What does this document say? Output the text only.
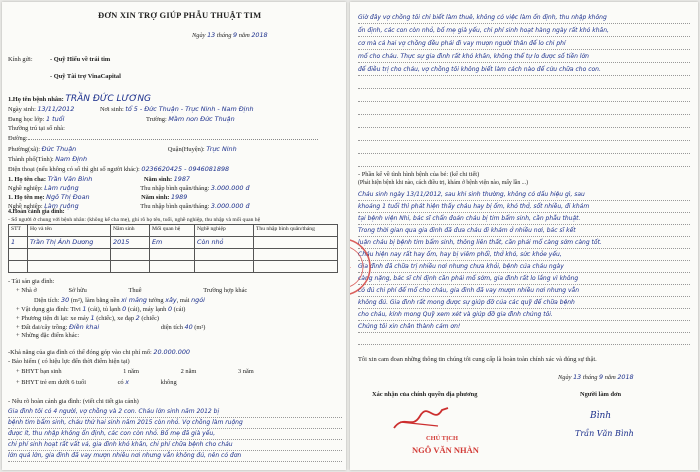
ĐƠN XIN TRỢ GIÚP PHẪU THUẬT TIM
Ngày 13 tháng 9 năm 2018
Kính gửi:	- Quỹ Hiểu về trái tim
- Quỹ Tài trợ VinaCapital
1.Họ tên bệnh nhân: TRẦN ĐỨC LƯƠNG
Ngày sinh: 13/11/2012	Nơi sinh: tổ 5 - Đức Thuận - Trực Ninh - Nam Định
Đang học lớp: 1 tuổi	Trường: Mầm non Đức Thuận
Thường trú tại số nhà:
Đường:
Phường(xã): Đức Thuận	Quận(Huyện): Trực Ninh
Thành phố(Tỉnh): Nam Định
Điện thoại (nếu không có số thì ghi số người khác): 0236620425 - 0946081898
1. Họ tên cha: Trần Văn Bình	Năm sinh: 1987
Nghề nghiệp: Làm ruộng	Thu nhập bình quân/tháng: 3.000.000 đ
1. Họ tên mẹ: Ngô Thị Đoan	Năm sinh: 1989
Nghề nghiệp: Làm ruộng	Thu nhập bình quân/tháng: 3.000.000 đ
4.Hoàn cảnh gia đình:
STT	Họ và tên	Năm sinh	Mối quan hệ	Nghề nghiệp	Thu nhập bình quân/tháng
1	Trần Thị Ánh Dương	2015	Em	Còn nhỏ	

- Số người ở chung với bệnh nhân: (không kể cha mẹ), ghi rõ họ tên, tuổi, nghề nghiệp, thu nhập và mối quan hệ
- Tài sản gia đình:
+ Nhà ở	Sở hữu	Thuê	Trường hợp khác
Diện tích: 30 (m²), làm bằng nền xi măng tường xây, mái ngói
+ Vật dụng gia đình: Tivi 1 (cái), tủ lạnh 0 (cái), máy lạnh 0 (cái)
+ Phương tiện đi lại: xe máy 1 (chiếc), xe đạp 2 (chiếc)
+ Đất đai/cây trồng: Điền khai	diện tích 40 (m²)
+ Những đặc điểm khác:
-Khả năng của gia đình có thể đóng góp vào chi phí mổ: 20.000.000
- Bảo hiểm ( có hiệu lực đến thời điểm hiện tại)
+ BHYT bạn sinh	1 năm	2 năm	3 năm
+ BHYT trẻ em dưới 6 tuổi	có x	không
- Nêu rõ hoàn cảnh gia đình: (viết chi tiết gia cảnh)
Gia đình tôi có 4 người, vợ chồng và 2 con. Cháu lớn sinh năm 2012 bị
bệnh tim bẩm sinh, cháu thứ hai sinh năm 2015 còn nhỏ. Vợ chồng làm ruộng
được ít, thu nhập không ổn định, các con còn nhỏ. Bố mẹ đã già yếu,
chi phí sinh hoạt rất vất vả, gia đình khó khăn, chi phí chữa bệnh cho cháu
lớn quá lớn, gia đình đã vay mượn nhiều nơi nhưng vẫn không đủ, nên có đơn
Giờ đây vợ chồng tôi chỉ biết làm thuê, không có việc làm ổn định, thu nhập không
ổn định, các con còn nhỏ, bố mẹ già yếu, chi phí sinh hoạt hàng ngày rất khó khăn,
cơ mà cả hai vợ chồng đều phải đi vay mượn người thân để lo chi phí
mổ cho cháu. Thực sự gia đình rất khó khăn, không thể tự lo được số tiền lớn
để điều trị cho cháu, vợ chồng tôi không biết làm cách nào để cứu chữa cho con.
- Phần kể về tình hình bệnh của bé: (kể chi tiết)
(Phát hiện bệnh khi nào, cách điều trị, khám ở bệnh viện nào, mấy lần ...)
Cháu sinh ngày 13/11/2012, sau khi sinh thường, không có dấu hiệu gì, sau
khoảng 1 tuổi thì phát hiện thấy cháu hay bị ốm, khó thở, sốt nhiều, đi khám
tại bệnh viện Nhi, bác sĩ chẩn đoán cháu bị tim bẩm sinh, cần phẫu thuật.
Trong thời gian qua gia đình đã đưa cháu đi khám ở nhiều nơi, bác sĩ kết
luận cháu bị bệnh tim bẩm sinh, thông liên thất, cần phải mổ càng sớm càng tốt.
Cháu hiện nay rất hay ốm, hay bị viêm phổi, thở khó, sức khỏe yếu,
Gia đình đã chữa trị nhiều nơi nhưng chưa khỏi, bệnh của cháu ngày
càng nặng, bác sĩ chỉ định cần phải mổ sớm, gia đình rất lo lắng vì không
có đủ chi phí để mổ cho cháu, gia đình đã vay mượn nhiều nơi nhưng vẫn
không đủ. Gia đình rất mong được sự giúp đỡ của các quỹ để chữa bệnh
cho cháu, kính mong Quỹ xem xét và giúp đỡ gia đình chúng tôi.
Chúng tôi xin chân thành cảm ơn!
Tôi xin cam đoan những thông tin chúng tôi cung cấp là hoàn toàn chính xác và đúng sự thật.
Ngày 13 tháng 9 năm 2018
Xác nhận của chính quyền địa phương	Người làm đơn
★
CHỦ TỊCH
NGÔ VĂN NHÀN
Bình
Trần Văn Bình
